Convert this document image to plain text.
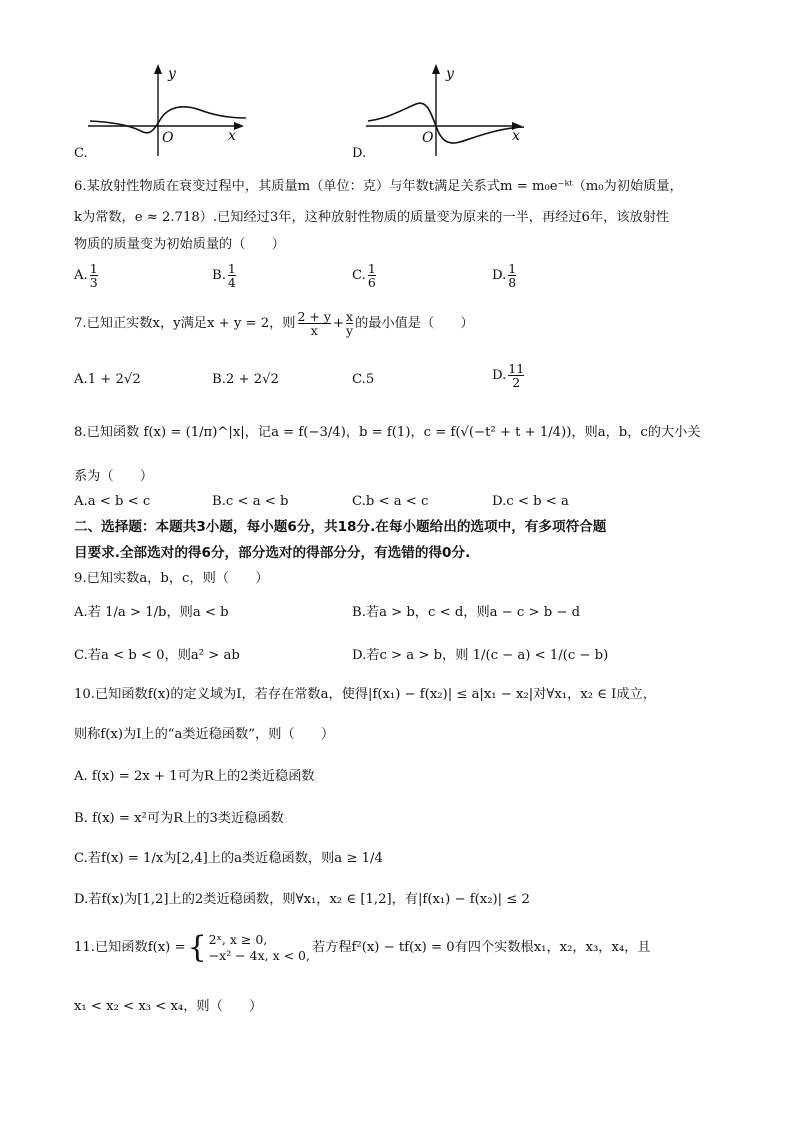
y
x
O
C.
y
x
O
D.
6.某放射性物质在衰变过程中，其质量m（单位：克）与年数t满足关系式m = m₀e⁻ᵏᵗ（m₀为初始质量，
k为常数，e ≈ 2.718）.已知经过3年，这种放射性物质的质量变为原来的一半，再经过6年，该放射性
物质的质量变为初始质量的（　　）
A. $\frac{1}{3}$	B. $\frac{1}{4}$	C. $\frac{1}{6}$	D. $\frac{1}{8}$
7.已知正实数x，y满足x + y = 2，则 $\frac{2 + y}{x} + \frac{x}{y}$ 的最小值是（　　）
A.1 + 2√2	B.2 + 2√2	C.5	D. $\frac{11}{2}$
8.已知函数 f(x) = (1/π)^|x|，记a = f(−3/4)，b = f(1)，c = f(√(−t² + t + 1/4))，则a，b，c的大小关
系为（　　）
A.a < b < c	B.c < a < b	C.b < a < c	D.c < b < a
二、选择题：本题共3小题，每小题6分，共18分.在每小题给出的选项中，有多项符合题
目要求.全部选对的得6分，部分选对的得部分分，有选错的得0分.
9.已知实数a，b，c，则（　　）
A.若 1/a > 1/b，则a < b	B.若a > b，c < d，则a − c > b − d
C.若a < b < 0，则a² > ab	D.若c > a > b，则 1/(c − a) < 1/(c − b)
10.已知函数f(x)的定义域为I，若存在常数a，使得|f(x₁) − f(x₂)| ≤ a|x₁ − x₂|对∀x₁，x₂ ∈ I成立，
则称f(x)为I上的“a类近稳函数”，则（　　）
A. f(x) = 2x + 1可为R上的2类近稳函数
B. f(x) = x²可为R上的3类近稳函数
C.若f(x) = 1/x为[2,4]上的a类近稳函数，则a ≥ 1/4
D.若f(x)为[1,2]上的2类近稳函数，则∀x₁，x₂ ∈ [1,2]，有|f(x₁) − f(x₂)| ≤ 2
11.已知函数f(x) = { 2ˣ, x ≥ 0,
−x² − 4x, x < 0,
若方程f²(x) − tf(x) = 0有四个实数根x₁，x₂，x₃，x₄，且
x₁ < x₂ < x₃ < x₄，则（　　）
